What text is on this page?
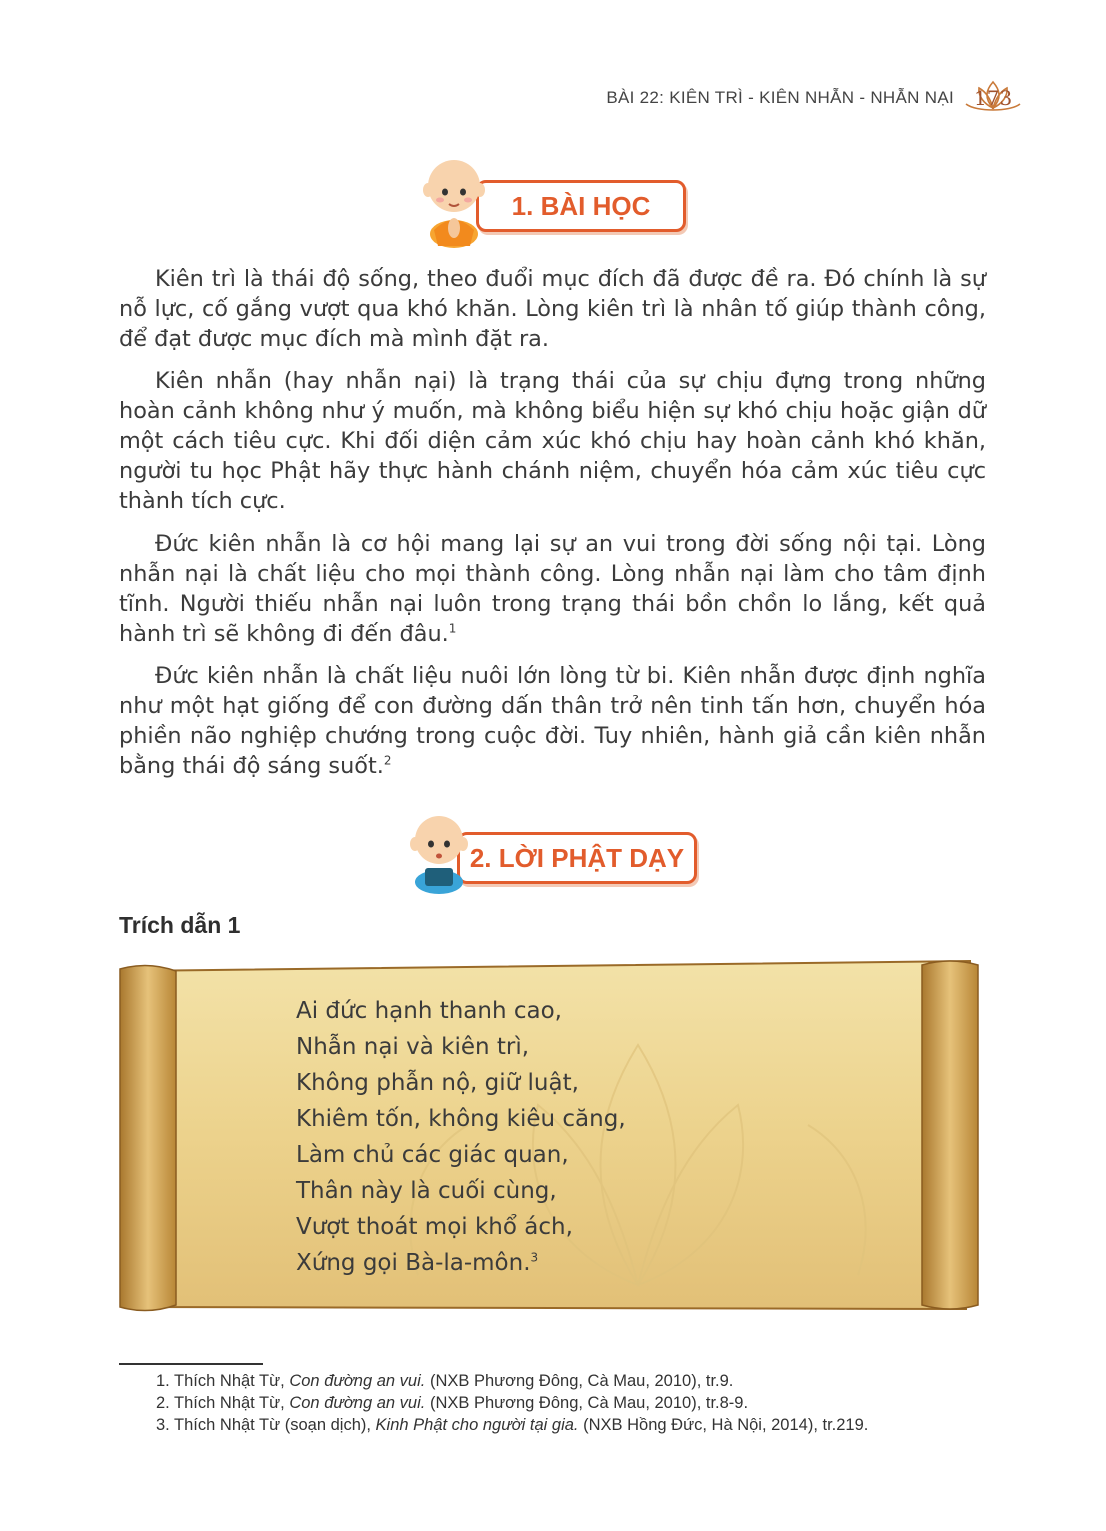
BÀI 22: KIÊN TRÌ - KIÊN NHẪN - NHẪN NẠI 173
1. BÀI HỌC
Kiên trì là thái độ sống, theo đuổi mục đích đã được đề ra. Đó chính là sự nỗ lực, cố gắng vượt qua khó khăn. Lòng kiên trì là nhân tố giúp thành công, để đạt được mục đích mà mình đặt ra.
Kiên nhẫn (hay nhẫn nại) là trạng thái của sự chịu đựng trong những hoàn cảnh không như ý muốn, mà không biểu hiện sự khó chịu hoặc giận dữ một cách tiêu cực. Khi đối diện cảm xúc khó chịu hay hoàn cảnh khó khăn, người tu học Phật hãy thực hành chánh niệm, chuyển hóa cảm xúc tiêu cực thành tích cực.
Đức kiên nhẫn là cơ hội mang lại sự an vui trong đời sống nội tại. Lòng nhẫn nại là chất liệu cho mọi thành công. Lòng nhẫn nại làm cho tâm định tĩnh. Người thiếu nhẫn nại luôn trong trạng thái bồn chồn lo lắng, kết quả hành trì sẽ không đi đến đâu.$^1$
Đức kiên nhẫn là chất liệu nuôi lớn lòng từ bi. Kiên nhẫn được định nghĩa như một hạt giống để con đường dấn thân trở nên tinh tấn hơn, chuyển hóa phiền não nghiệp chướng trong cuộc đời. Tuy nhiên, hành giả cần kiên nhẫn bằng thái độ sáng suốt.$^2$
2. LỜI PHẬT DẠY
Trích dẫn 1
Ai đức hạnh thanh cao,
Nhẫn nại và kiên trì,
Không phẫn nộ, giữ luật,
Khiêm tốn, không kiêu căng,
Làm chủ các giác quan,
Thân này là cuối cùng,
Vượt thoát mọi khổ ách,
Xứng gọi Bà-la-môn.$^3$
1. Thích Nhật Từ, Con đường an vui. (NXB Phương Đông, Cà Mau, 2010), tr.9.
2. Thích Nhật Từ, Con đường an vui. (NXB Phương Đông, Cà Mau, 2010), tr.8-9.
3. Thích Nhật Từ (soạn dịch), Kinh Phật cho người tại gia. (NXB Hồng Đức, Hà Nội, 2014), tr.219.
